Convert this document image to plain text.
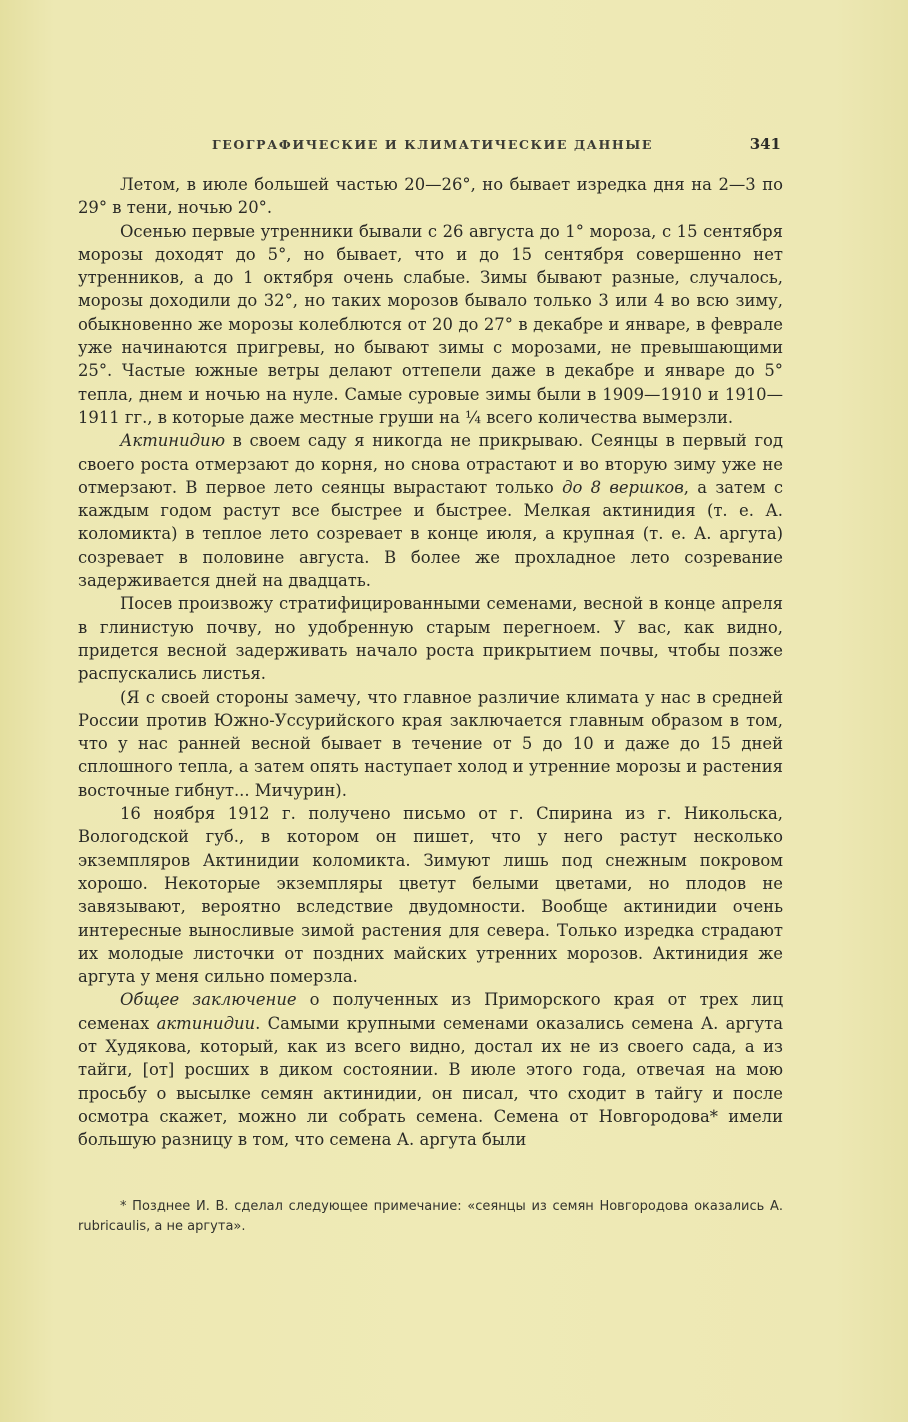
ГЕОГРАФИЧЕСКИЕ И КЛИМАТИЧЕСКИЕ ДАННЫЕ	341

Летом, в июле большей частью 20—26°, но бывает изредка дня на 2—3 по 29° в тени, ночью 20°.

Осенью первые утренники бывали с 26 августа до 1° мороза, с 15 сентября морозы доходят до 5°, но бывает, что и до 15 сентября совершенно нет утренников, а до 1 октября очень слабые. Зимы бывают разные, случалось, морозы доходили до 32°, но таких морозов бывало только 3 или 4 во всю зиму, обыкновенно же морозы колеблются от 20 до 27° в декабре и январе, в феврале уже начинаются пригревы, но бывают зимы с морозами, не превышающими 25°. Частые южные ветры делают оттепели даже в декабре и январе до 5° тепла, днем и ночью на нуле. Самые суровые зимы были в 1909—1910 и 1910—1911 гг., в которые даже местные груши на ¼ всего количества вымерзли.

Актинидию в своем саду я никогда не прикрываю. Сеянцы в первый год своего роста отмерзают до корня, но снова отрастают и во вторую зиму уже не отмерзают. В первое лето сеянцы вырастают только до 8 вершков, а затем с каждым годом растут все быстрее и быстрее. Мелкая актинидия (т. е. А. коломикта) в теплое лето созревает в конце июля, а крупная (т. е. А. аргута) созревает в половине августа. В более же прохладное лето созревание задерживается дней на двадцать.

Посев произвожу стратифицированными семенами, весной в конце апреля в глинистую почву, но удобренную старым перегноем. У вас, как видно, придется весной задерживать начало роста прикрытием почвы, чтобы позже распускались листья.

(Я с своей стороны замечу, что главное различие климата у нас в средней России против Южно-Уссурийского края заключается главным образом в том, что у нас ранней весной бывает в течение от 5 до 10 и даже до 15 дней сплошного тепла, а затем опять наступает холод и утренние морозы и растения восточные гибнут... Мичурин).

16 ноября 1912 г. получено письмо от г. Спирина из г. Никольска, Вологодской губ., в котором он пишет, что у него растут несколько экземпляров Актинидии коломикта. Зимуют лишь под снежным покровом хорошо. Некоторые экземпляры цветут белыми цветами, но плодов не завязывают, вероятно вследствие двудомности. Вообще актинидии очень интересные выносливые зимой растения для севера. Только изредка страдают их молодые листочки от поздних майских утренних морозов. Актинидия же аргута у меня сильно померзла.

Общее заключение о полученных из Приморского края от трех лиц семенах актинидии. Самыми крупными семенами оказались семена А. аргута от Худякова, который, как из всего видно, достал их не из своего сада, а из тайги, [от] росших в диком состоянии. В июле этого года, отвечая на мою просьбу о высылке семян актинидии, он писал, что сходит в тайгу и после осмотра скажет, можно ли собрать семена. Семена от Новгородова* имели большую разницу в том, что семена А. аргута были

* Позднее И. В. сделал следующее примечание: «сеянцы из семян Новгородова оказались А. rubricaulis, а не аргута».
